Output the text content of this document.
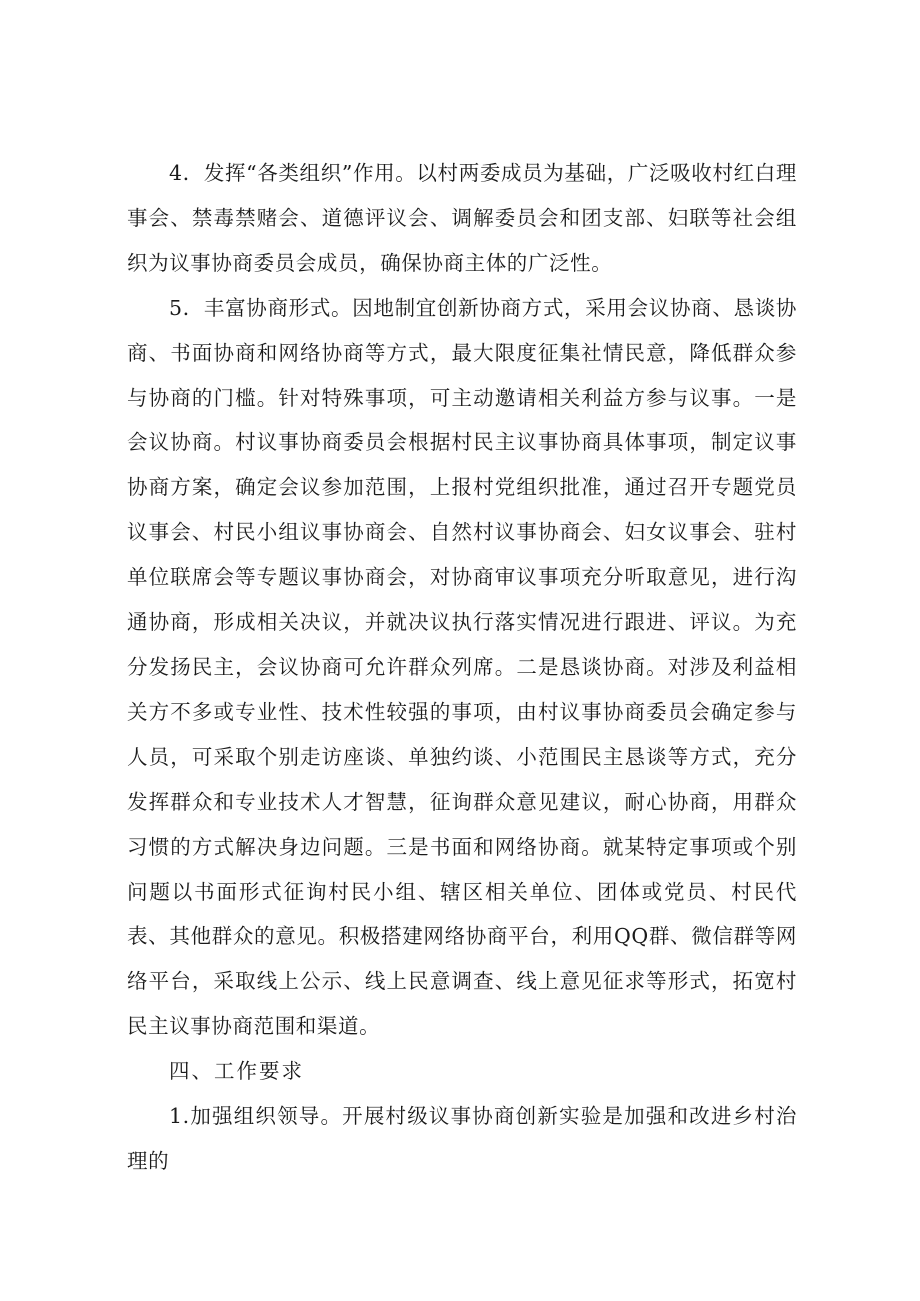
4．发挥“各类组织”作用。以村两委成员为基础，广泛吸收村红白理事会、禁毒禁赌会、道德评议会、调解委员会和团支部、妇联等社会组织为议事协商委员会成员，确保协商主体的广泛性。

5．丰富协商形式。因地制宜创新协商方式，采用会议协商、恳谈协商、书面协商和网络协商等方式，最大限度征集社情民意，降低群众参与协商的门槛。针对特殊事项，可主动邀请相关利益方参与议事。一是会议协商。村议事协商委员会根据村民主议事协商具体事项，制定议事协商方案，确定会议参加范围，上报村党组织批准，通过召开专题党员议事会、村民小组议事协商会、自然村议事协商会、妇女议事会、驻村单位联席会等专题议事协商会，对协商审议事项充分听取意见，进行沟通协商，形成相关决议，并就决议执行落实情况进行跟进、评议。为充分发扬民主，会议协商可允许群众列席。二是恳谈协商。对涉及利益相关方不多或专业性、技术性较强的事项，由村议事协商委员会确定参与人员，可采取个别走访座谈、单独约谈、小范围民主恳谈等方式，充分发挥群众和专业技术人才智慧，征询群众意见建议，耐心协商，用群众习惯的方式解决身边问题。三是书面和网络协商。就某特定事项或个别问题以书面形式征询村民小组、辖区相关单位、团体或党员、村民代表、其他群众的意见。积极搭建网络协商平台，利用QQ群、微信群等网络平台，采取线上公示、线上民意调查、线上意见征求等形式，拓宽村民主议事协商范围和渠道。

四、工作要求

1.加强组织领导。开展村级议事协商创新实验是加强和改进乡村治理的
